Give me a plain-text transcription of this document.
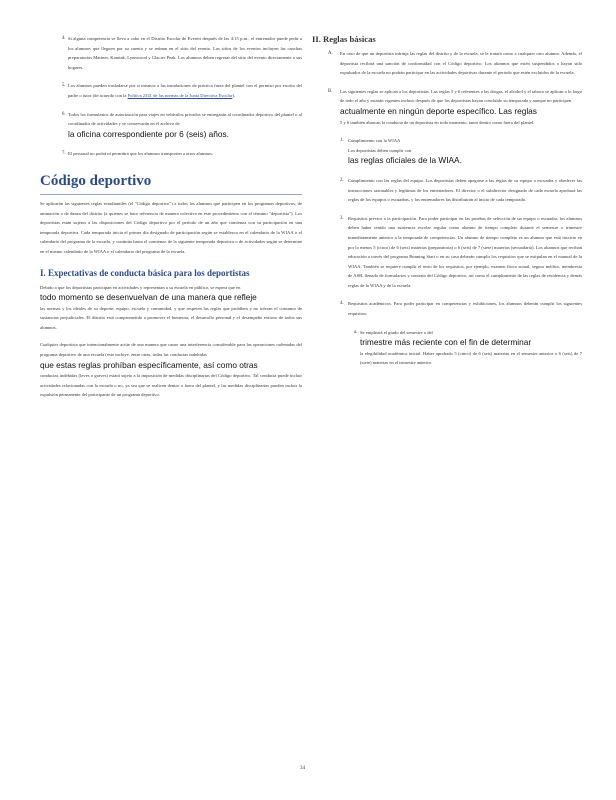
4. Si alguna competencia se lleva a cabo en el Distrito Escolar de Everett después de las 4:15 p.m., el entrenador puede pedir a los alumnos que lleguen por su cuenta y se reúnan en el sitio del evento. Las sitios de los eventos incluyen las canchas preparatorias Mariner, Kamiak, Lynnwood y Glacier Peak. Los alumnos deben regresar del sitio del evento directamente a sus hogares.

5. Los alumnos pueden trasladarse por sí mismos a las instalaciones de práctica fuera del plantel con el permiso por escrito del padre o tutor (de acuerdo con la Política 2341 de las normas de la Junta Directiva Escolar).

6. Todos los formularios de autorización para viajes en vehículos privados se entregarán al coordinador deportivo del plantel o al coordinador de actividades y se conservarán en el archivo de
la oficina correspondiente por 6 (seis) años.

7. El personal no podrá ni permitirá que los alumnos transporten a otros alumnos.

Código deportivo

Se aplicarán las siguientes reglas estudiantiles (el "Código deportivo") a todos los alumnos que participen en los programas deportivos, de animación o de danza del distrito (a quienes se hace referencia de manera colectiva en este procedimiento con el término "deportista"). Los deportistas están sujetos a las disposiciones del Código deportivo por el período de un año que comienza con su participación en una temporada deportiva. Cada temporada inicia el primer día designado de participación según se establezca en el calendario de la WIAA o el calendario del programa de la escuela, y continúa hasta el comienzo de la siguiente temporada deportiva o de actividades según se determine en el mismo calendario de la WIAA o el calendario del programa de la escuela.

I. Expectativas de conducta básica para los deportistas

Debido a que los deportistas participan en actividades y representan a su escuela en público, se espera que en
todo momento se desenvuelvan de una manera que refleje
las normas y los ideales de su deporte, equipo, escuela y comunidad, y que respeten las reglas que prohíben y no toleran el consumo de sustancias perjudiciales. El distrito está comprometido a promover el bienestar, el desarrollo personal y el desempeño exitoso de todos sus alumnos.

Cualquier deportista que intencionalmente actúe de una manera que cause una interferencia considerable para las operaciones ordenadas del programa deportivo de una escuela (este incluye, entre otras, todas las conductas indebidas
que estas reglas prohíban específicamente, así como otras
conductas indebidas (leves o graves) estará sujeto a la imposición de medidas disciplinarias del Código deportivo. Tal conducta puede incluir actividades relacionadas con la escuela o no, ya sea que se realicen dentro o fuera del plantel, y las medidas disciplinarias pueden incluir la expulsión permanente del participante de un programa deportivo.

II. Reglas básicas
A. En caso de que un deportista infrinja las reglas del distrito y de la escuela, se le tratará como a cualquier otro alumno. Además, el deportista recibirá una sanción de conformidad con el Código deportivo. Los alumnos que estén suspendidos o hayan sido expulsados de la escuela no podrán participar en las actividades deportivas durante el periodo que estén excluidos de la escuela.

B. Las siguientes reglas se aplican a los deportistas. Las reglas 5 y 6 referentes a las drogas, el alcohol y el tabaco se aplican a lo largo de todo el año y estarán vigentes incluso después de que los deportistas hayan concluido su temporada y aunque no participen
actualmente en ningún deporte específico. Las reglas
5 y 6 también abarcan la conducta de un deportista en todo momento, tanto dentro como fuera del plantel.

1. Cumplimiento con la WIAA
Los deportistas deben cumplir con
las reglas oficiales de la WIAA.

2. Cumplimiento con las reglas del equipo. Los deportistas deben apegarse a las reglas de su equipo o escuadra y obedecer las instrucciones razonables y legítimas de los entrenadores. El director o el subdirector designado de cada escuela aprobará las reglas de los equipos o escuadras, y los entrenadores las distribuirán al inicio de cada temporada.

3. Requisitos previos a la participación. Para poder participar en las pruebas de selección de un equipo o escuadra, los alumnos deben haber tenido una asistencia escolar regular como alumno de tiempo completo durante el semestre o trimestre inmediatamente anterior a la temporada de competencias. Un alumno de tiempo completo es un alumno que está inscrito en por lo menos 5 (cinco) de 6 (seis) materias (preparatoria) o 6 (seis) de 7 (siete) materias (secundaria). Los alumnos que reciban educación a través del programa Running Start o en su casa deberán cumplir los requisitos que se estipulan en el manual de la WIAA. También se requiere cumplir el resto de los requisitos, por ejemplo, examen físico actual, seguro médico, membresía de ASB, llenado de formularios y contrato del Código deportivo, así como el cumplimiento de las reglas de residencia y demás reglas de la WIAA y de la escuela.

4. Requisitos académicos. Para poder participar en competencias y exhibiciones, los alumnos deberán cumplir los siguientes requisitos:

a. Se empleará el grado del semestre o del
trimestre más reciente con el fin de determinar
la elegibilidad académica inicial. Haber aprobado 5 (cinco) de 6 (seis) materias en el semestre anterior o 6 (seis) de 7 (siete) materias en el trimestre anterior.

34
